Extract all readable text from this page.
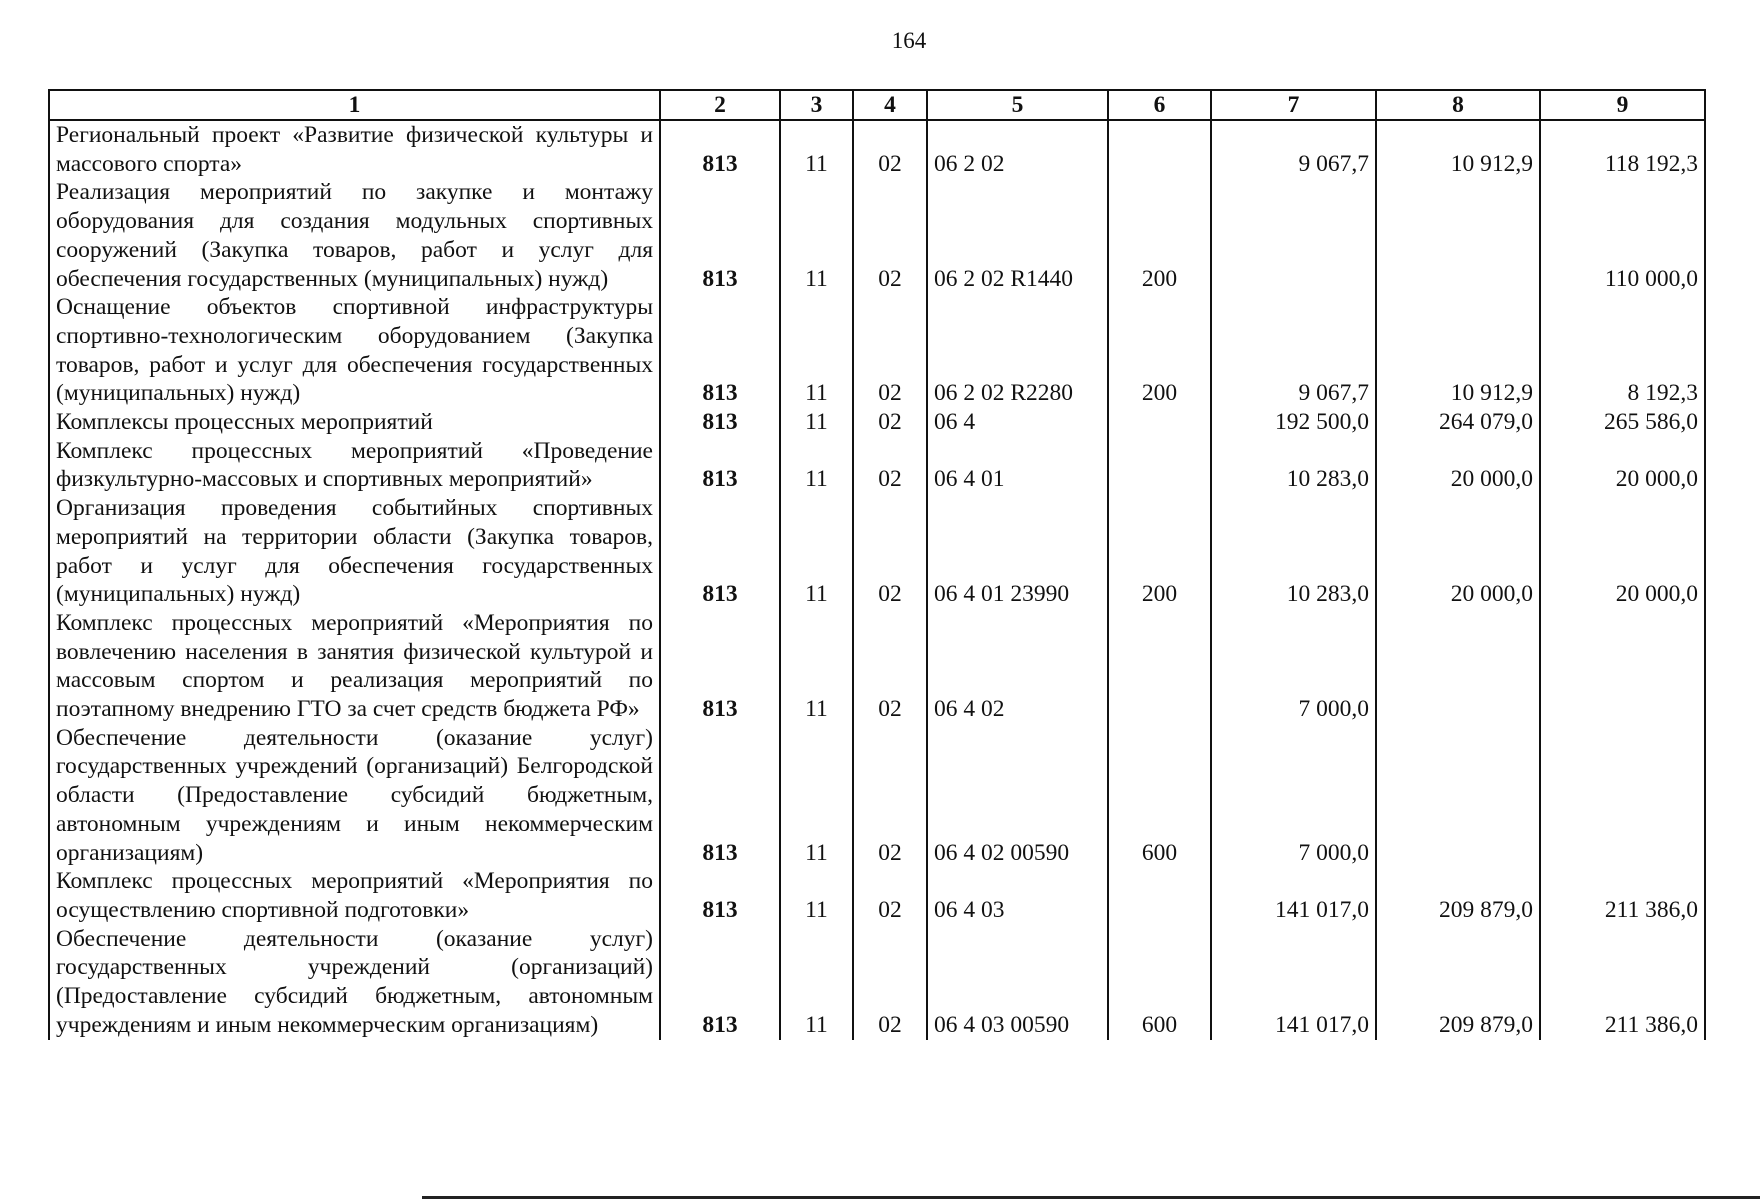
164
1	2	3	4	5	6	7	8	9
Региональный проект «Развитие физической культуры и массового спорта»	813	11	02	06 2 02		9 067,7	10 912,9	118 192,3
Реализация мероприятий по закупке и монтажу оборудования для создания модульных спортивных сооружений (Закупка товаров, работ и услуг для обеспечения государственных (муниципальных) нужд)	813	11	02	06 2 02 R1440	200			110 000,0
Оснащение объектов спортивной инфраструктуры спортивно-технологическим оборудованием (Закупка товаров, работ и услуг для обеспечения государственных (муниципальных) нужд)	813	11	02	06 2 02 R2280	200	9 067,7	10 912,9	8 192,3
Комплексы процессных мероприятий	813	11	02	06 4		192 500,0	264 079,0	265 586,0
Комплекс процессных мероприятий «Проведение физкультурно-массовых и спортивных мероприятий»	813	11	02	06 4 01		10 283,0	20 000,0	20 000,0
Организация проведения событийных спортивных мероприятий на территории области (Закупка товаров, работ и услуг для обеспечения государственных (муниципальных) нужд)	813	11	02	06 4 01 23990	200	10 283,0	20 000,0	20 000,0
Комплекс процессных мероприятий «Мероприятия по вовлечению населения в занятия физической культурой и массовым спортом и реализация мероприятий по поэтапному внедрению ГТО за счет средств бюджета РФ»	813	11	02	06 4 02		7 000,0		
Обеспечение деятельности (оказание услуг) государственных учреждений (организаций) Белгородской области (Предоставление субсидий бюджетным, автономным учреждениям и иным некоммерческим организациям)	813	11	02	06 4 02 00590	600	7 000,0		
Комплекс процессных мероприятий «Мероприятия по осуществлению спортивной подготовки»	813	11	02	06 4 03		141 017,0	209 879,0	211 386,0
Обеспечение деятельности (оказание услуг) государственных учреждений (организаций) (Предоставление субсидий бюджетным, автономным учреждениям и иным некоммерческим организациям)	813	11	02	06 4 03 00590	600	141 017,0	209 879,0	211 386,0
